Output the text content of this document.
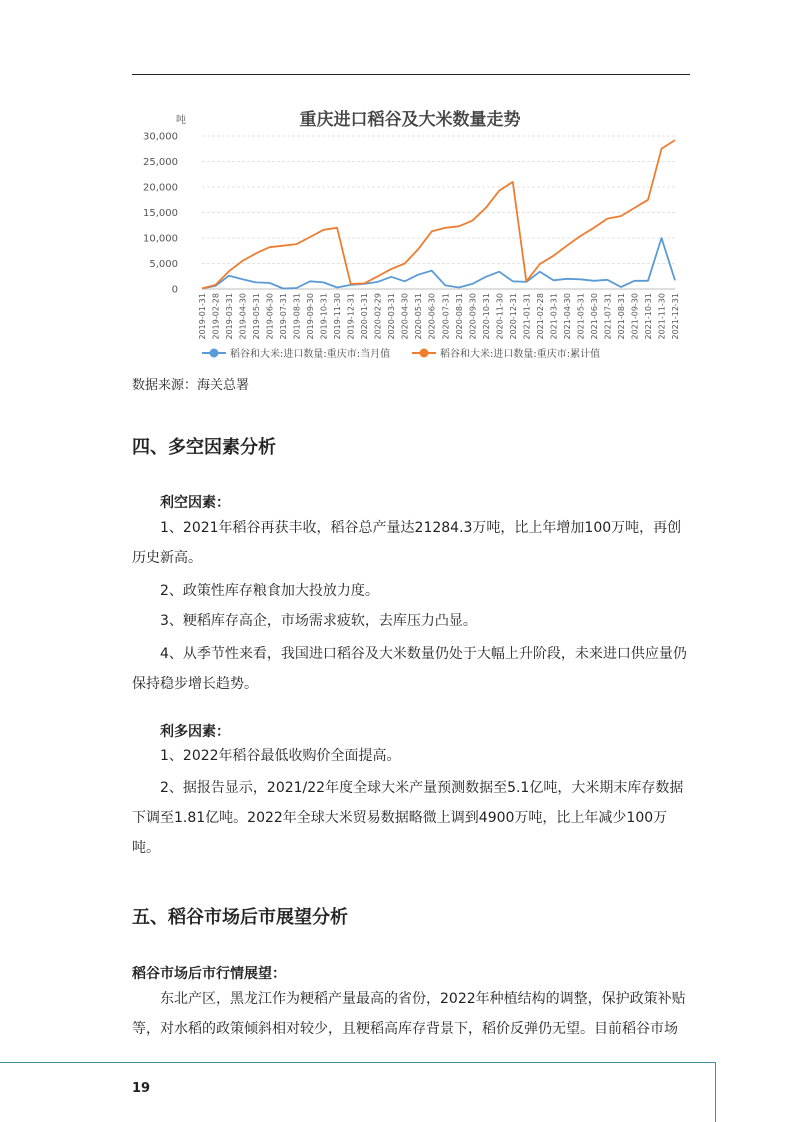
重庆进口稻谷及大米数量走势
吨
0
5,000
10,000
15,000
20,000
25,000
30,000
2019-01-31 2019-02-28 2019-03-31 2019-04-30 2019-05-31 2019-06-30 2019-07-31 2019-08-31 2019-09-30 2019-10-31 2019-11-30 2019-12-31 2020-01-31 2020-02-29 2020-03-31 2020-04-30 2020-05-31 2020-06-30 2020-07-31 2020-08-31 2020-09-30 2020-10-31 2020-11-30 2020-12-31 2021-01-31 2021-02-28 2021-03-31 2021-04-30 2021-05-31 2021-06-30 2021-07-31 2021-08-31 2021-09-30 2021-10-31 2021-11-30 2021-12-31
稻谷和大米:进口数量:重庆市:当月值	稻谷和大米:进口数量:重庆市:累计值
数据来源：海关总署
四、多空因素分析
利空因素：

1、2021年稻谷再获丰收，稻谷总产量达21284.3万吨，比上年增加100万吨，再创历史新高。

2、政策性库存粮食加大投放力度。

3、粳稻库存高企，市场需求疲软，去库压力凸显。

4、从季节性来看，我国进口稻谷及大米数量仍处于大幅上升阶段，未来进口供应量仍保持稳步增长趋势。

利多因素：

1、2022年稻谷最低收购价全面提高。

2、据报告显示，2021/22年度全球大米产量预测数据至5.1亿吨，大米期末库存数据下调至1.81亿吨。2022年全球大米贸易数据略微上调到4900万吨，比上年减少100万吨。

五、稻谷市场后市展望分析
稻谷市场后市行情展望：

东北产区，黑龙江作为粳稻产量最高的省份，2022年种植结构的调整，保护政策补贴等，对水稻的政策倾斜相对较少，且粳稻高库存背景下，稻价反弹仍无望。目前稻谷市场

19
